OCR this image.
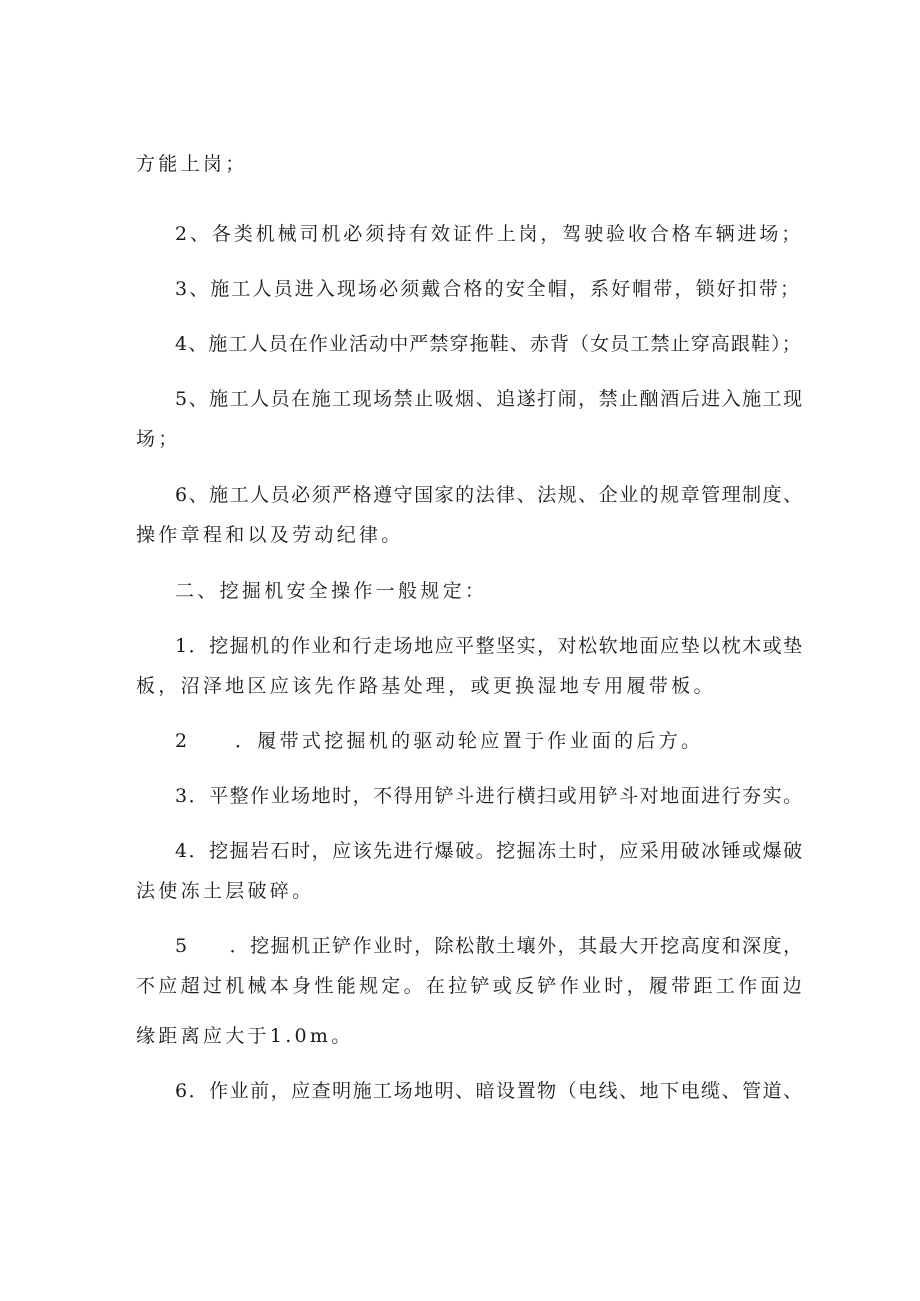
方能上岗；
2、各类机械司机必须持有效证件上岗，驾驶验收合格车辆进场；
3、施工人员进入现场必须戴合格的安全帽，系好帽带，锁好扣带；
4、施工人员在作业活动中严禁穿拖鞋、赤背（女员工禁止穿高跟鞋）；
5、施工人员在施工现场禁止吸烟、追遂打闹，禁止酗酒后进入施工现
场；
6、施工人员必须严格遵守国家的法律、法规、企业的规章管理制度、
操作章程和以及劳动纪律。
二、挖掘机安全操作一般规定：
1．挖掘机的作业和行走场地应平整坚实，对松软地面应垫以枕木或垫
板，沼泽地区应该先作路基处理，或更换湿地专用履带板。
2　　．履带式挖掘机的驱动轮应置于作业面的后方。
3．平整作业场地时，不得用铲斗进行横扫或用铲斗对地面进行夯实。
4．挖掘岩石时，应该先进行爆破。挖掘冻土时，应采用破冰锤或爆破
法使冻土层破碎。
5　　．挖掘机正铲作业时，除松散土壤外，其最大开挖高度和深度，
不应超过机械本身性能规定。在拉铲或反铲作业时，履带距工作面边
缘距离应大于1.0m。
6．作业前，应查明施工场地明、暗设置物（电线、地下电缆、管道、
